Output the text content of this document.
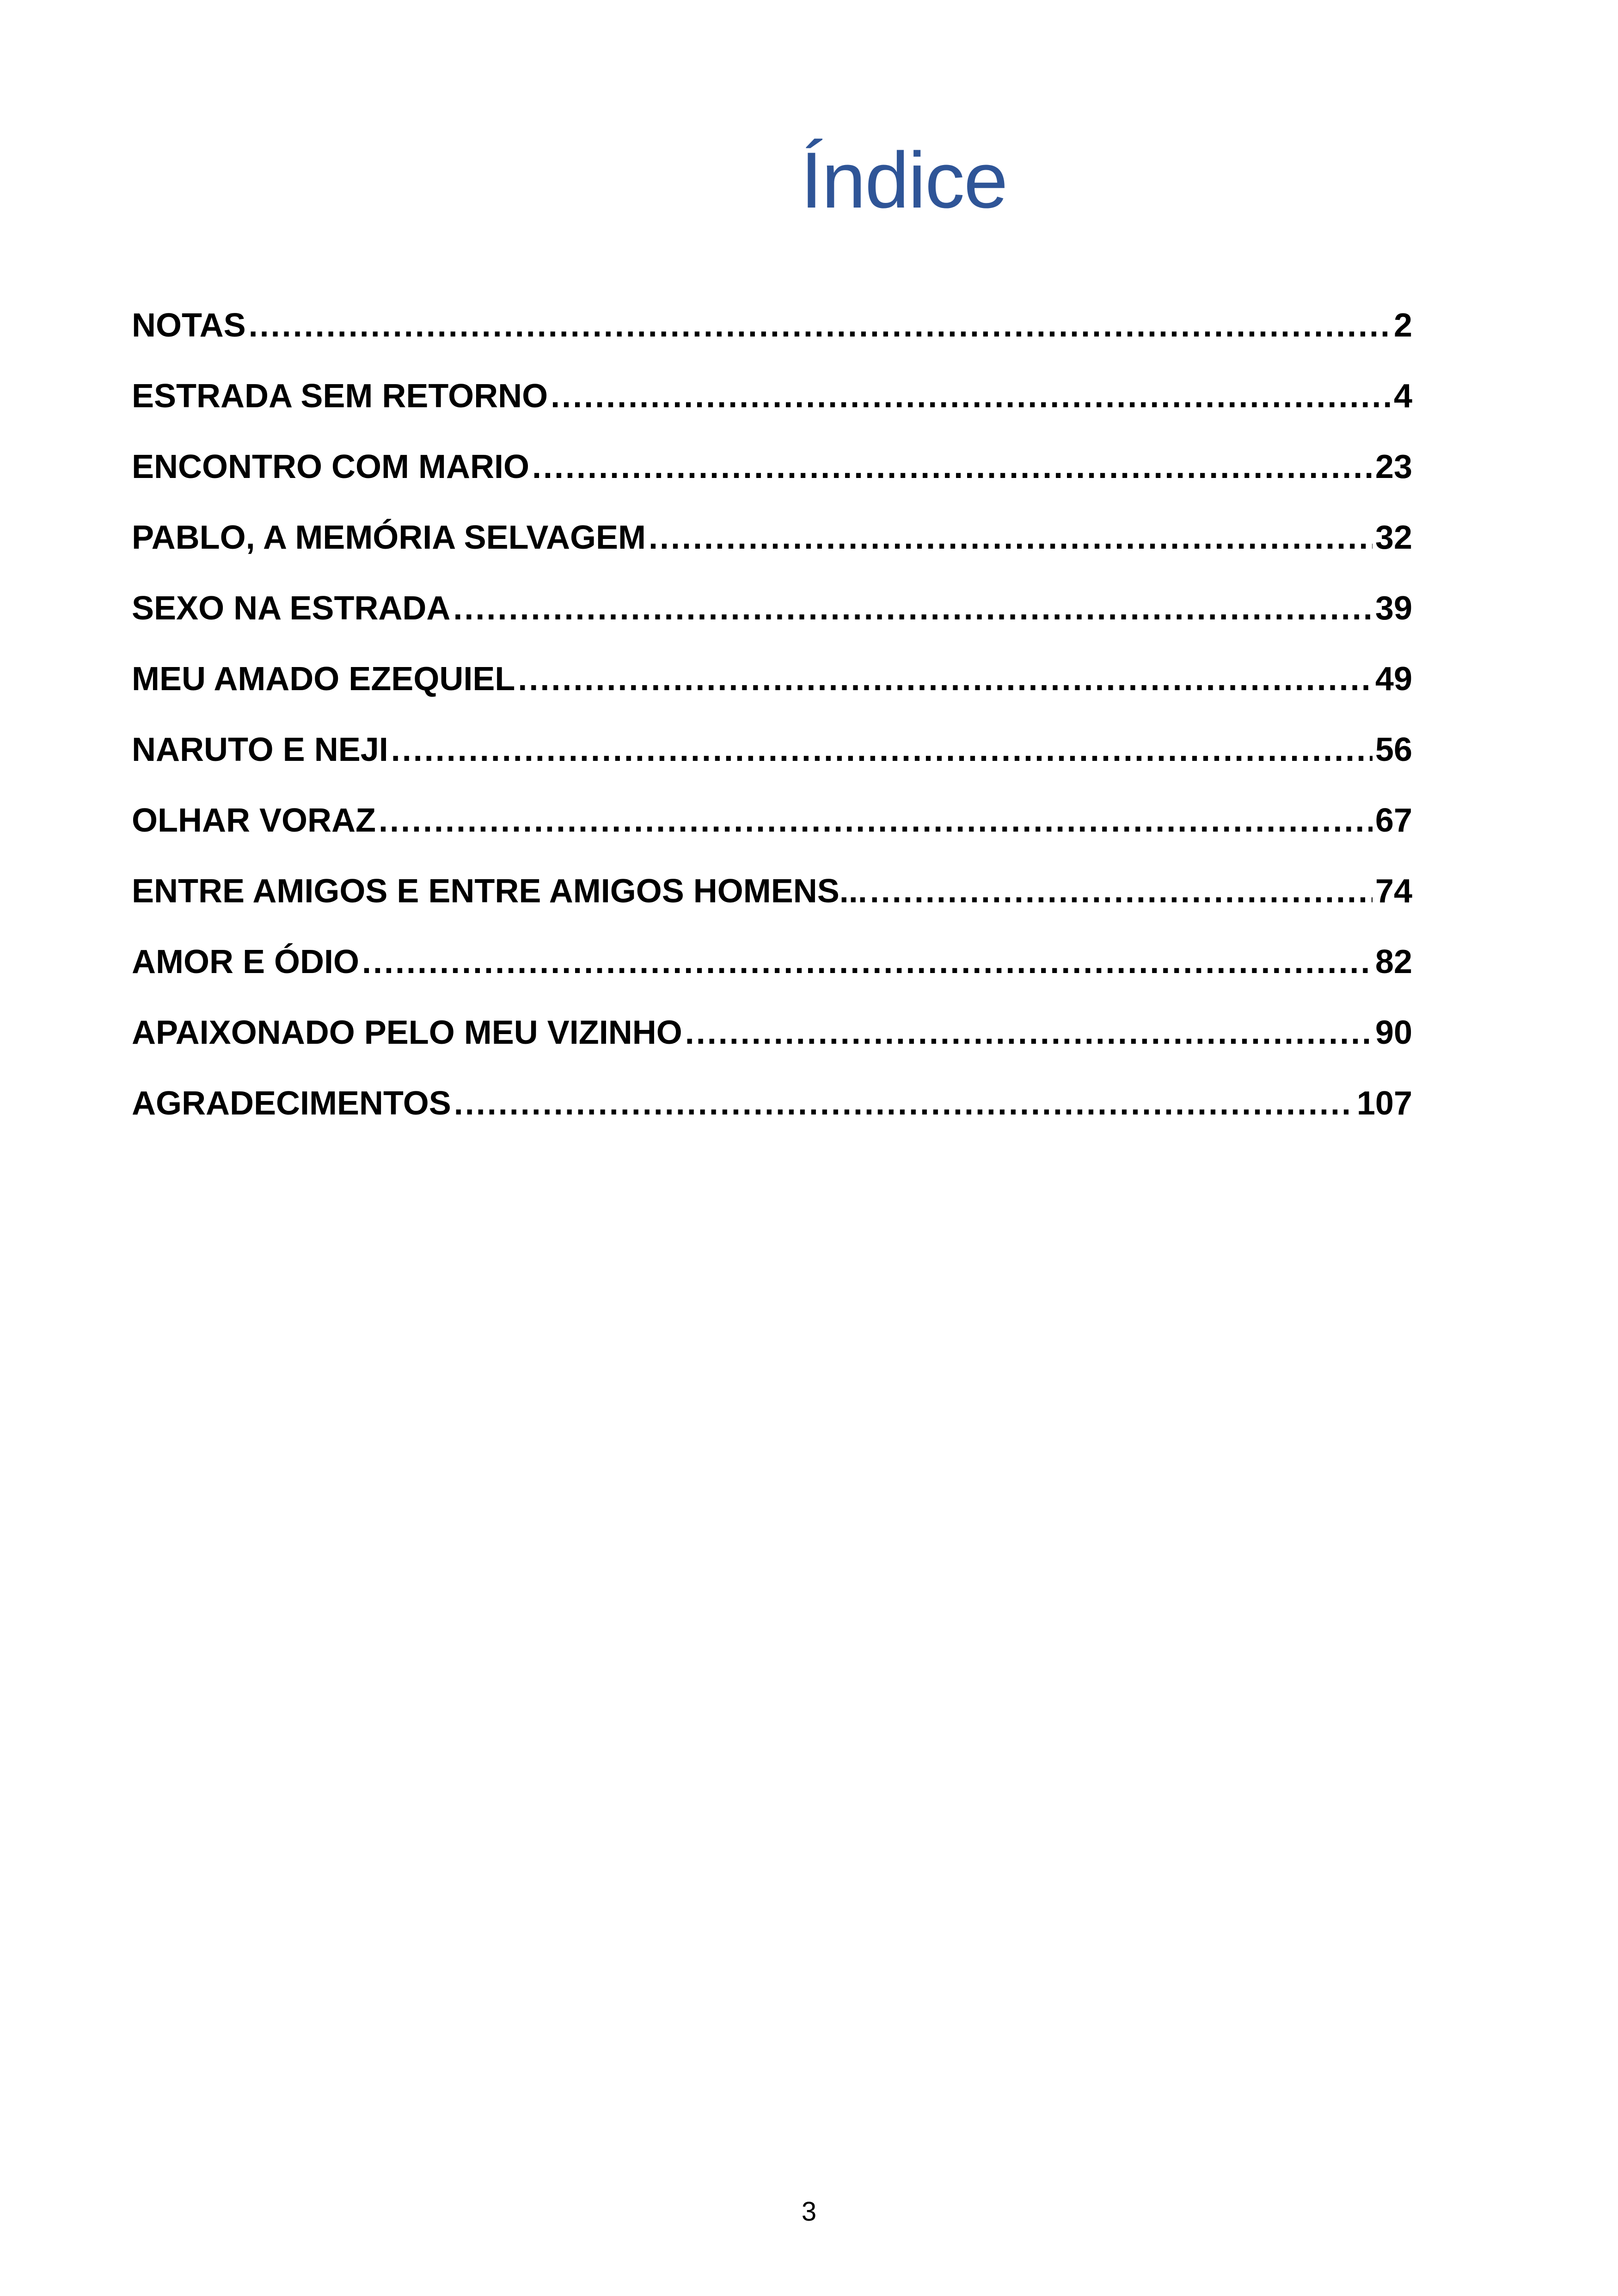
Índice
NOTAS .....	2
ESTRADA SEM RETORNO .....	4
ENCONTRO COM MARIO .....	23
PABLO, A MEMÓRIA SELVAGEM .....	32
SEXO NA ESTRADA .....	39
MEU AMADO EZEQUIEL .....	49
NARUTO E NEJI .....	56
OLHAR VORAZ .....	67
ENTRE AMIGOS E ENTRE AMIGOS HOMENS... .....	74
AMOR E ÓDIO .....	82
APAIXONADO PELO MEU VIZINHO .....	90
AGRADECIMENTOS .....	107
3
